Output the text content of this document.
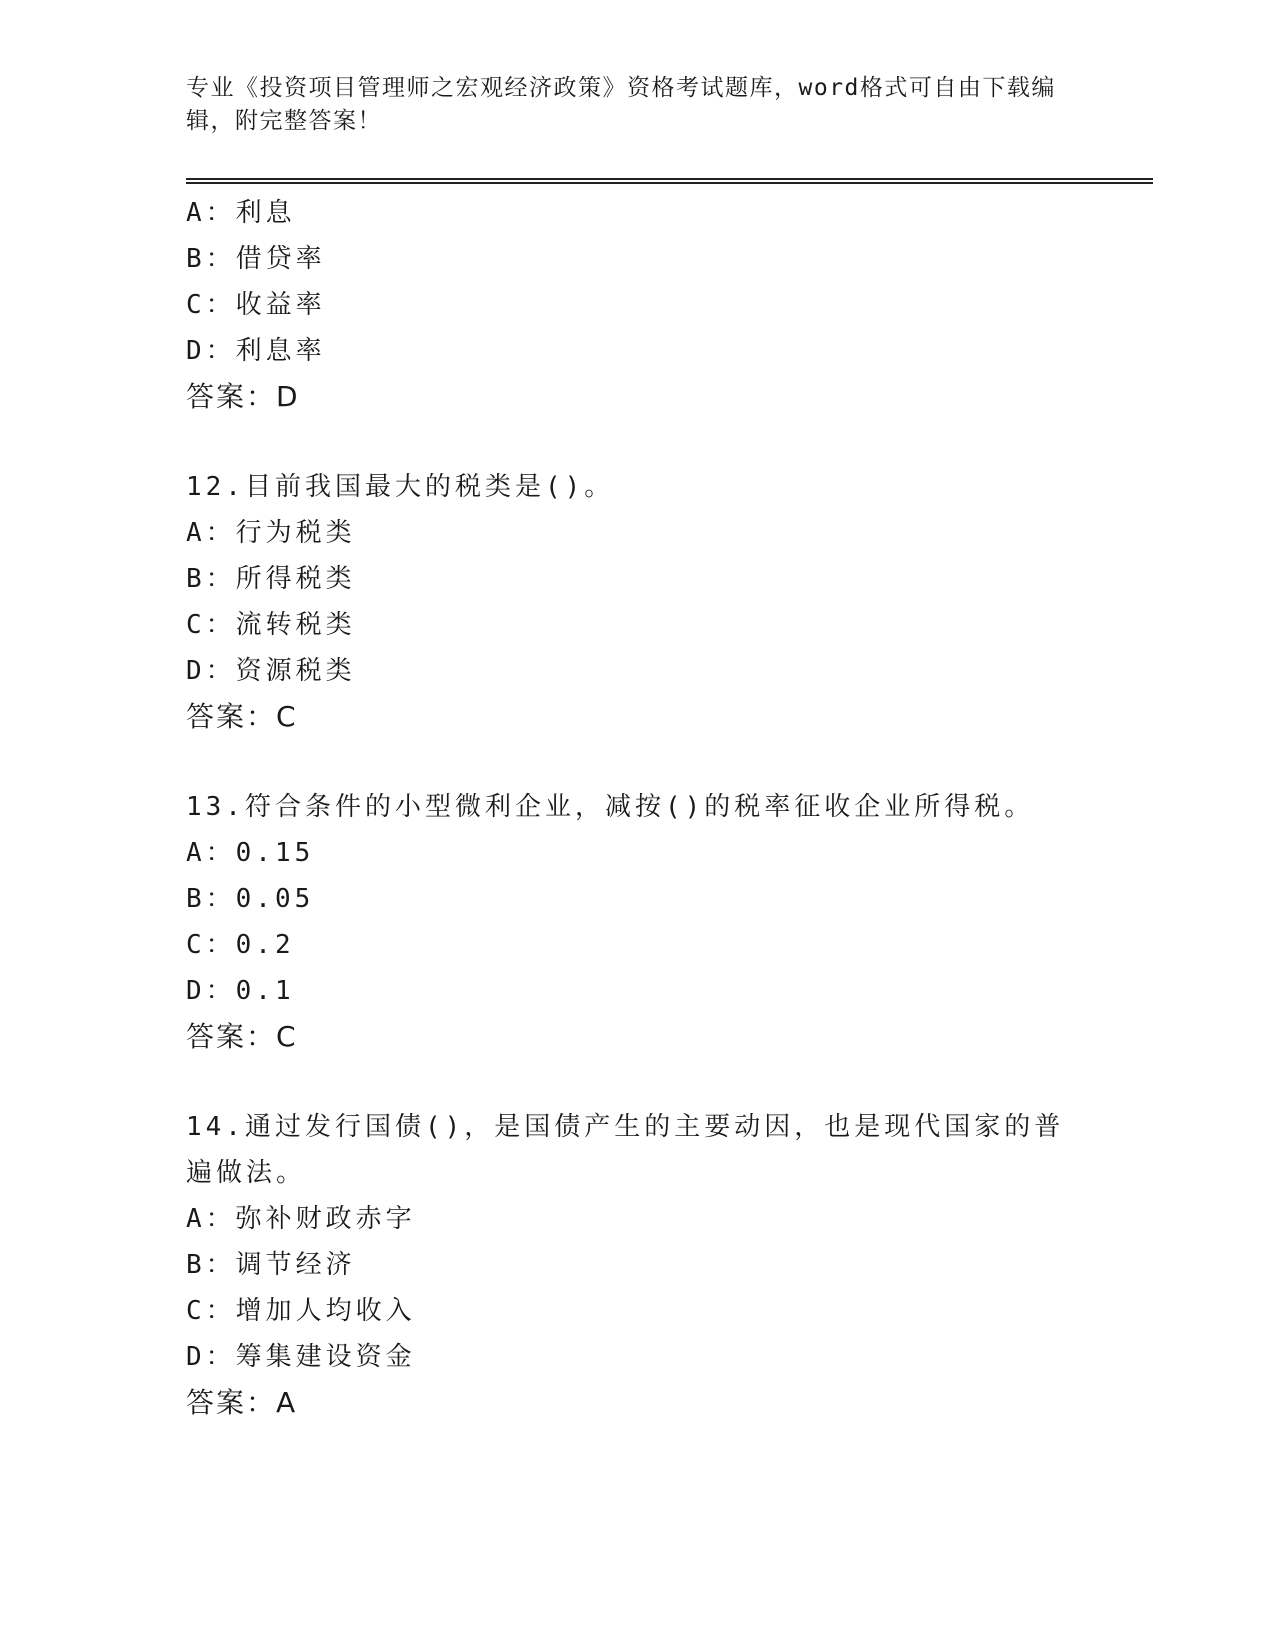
专业《投资项目管理师之宏观经济政策》资格考试题库，word格式可自由下载编辑，附完整答案！
A：利息
B：借贷率
C：收益率
D：利息率
答案：D
12.目前我国最大的税类是()。
A：行为税类
B：所得税类
C：流转税类
D：资源税类
答案：C
13.符合条件的小型微利企业，减按()的税率征收企业所得税。
A：0.15
B：0.05
C：0.2
D：0.1
答案：C
14.通过发行国债()，是国债产生的主要动因，也是现代国家的普遍做法。
A：弥补财政赤字
B：调节经济
C：增加人均收入
D：筹集建设资金
答案：A
